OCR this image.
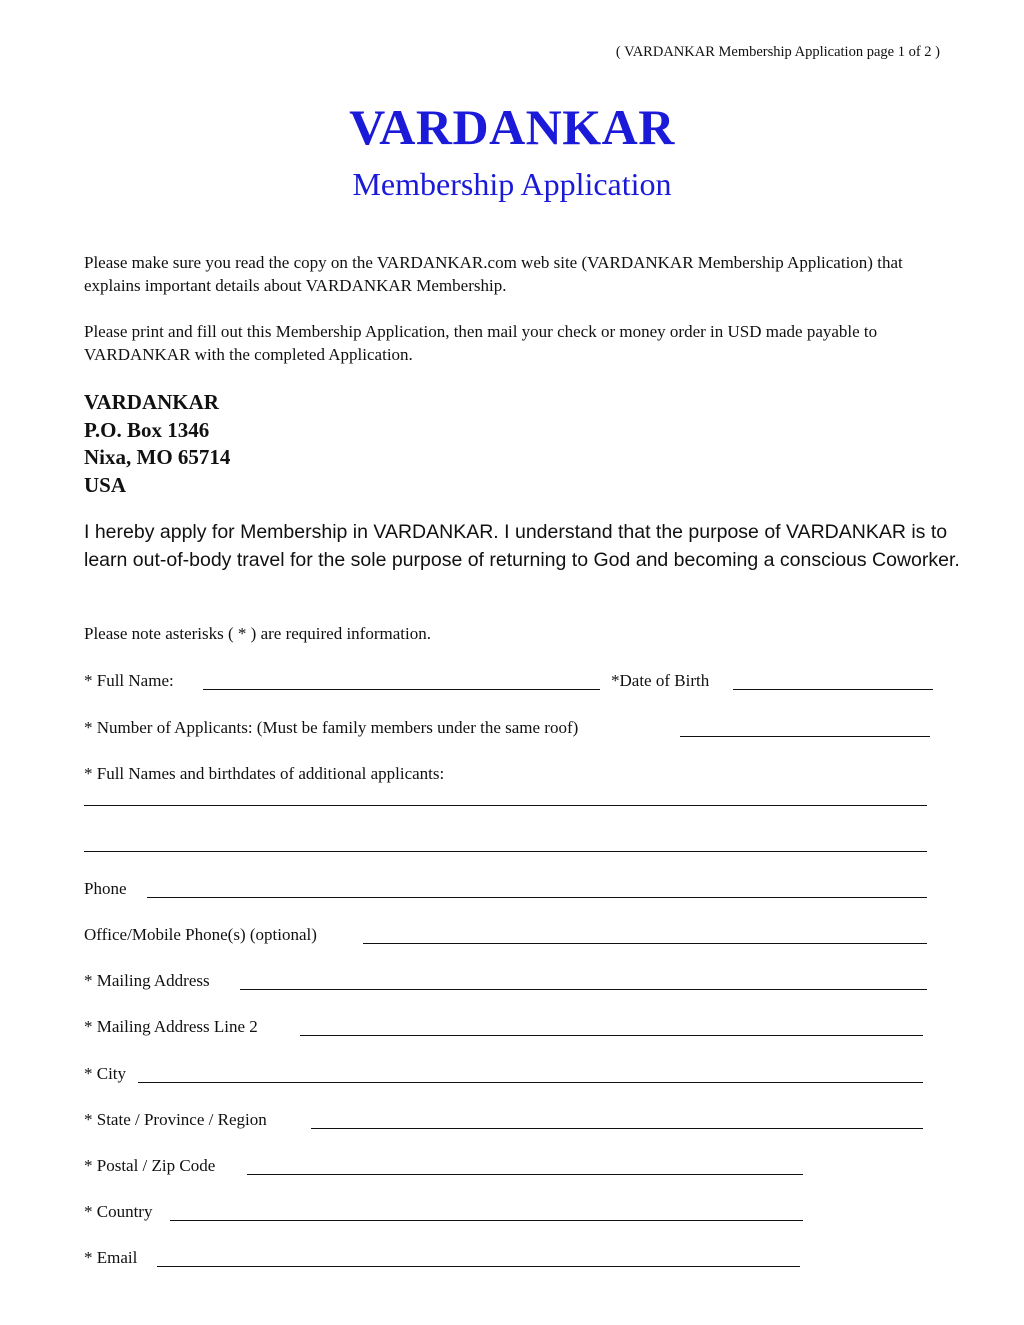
( VARDANKAR Membership Application page 1 of 2 )
VARDANKAR
Membership Application
Please make sure you read the copy on the VARDANKAR.com web site (VARDANKAR Membership Application) that explains important details about VARDANKAR Membership.
Please print and fill out this Membership Application, then mail your check or money order in USD made payable to VARDANKAR with the completed Application.
VARDANKAR
P.O. Box 1346
Nixa, MO 65714
USA
I hereby apply for Membership in VARDANKAR. I understand that the purpose of VARDANKAR is to learn out-of-body travel for the sole purpose of returning to God and becoming a conscious Coworker.
Please note asterisks ( * ) are required information.
* Full Name:	*Date of Birth
* Number of Applicants: (Must be family members under the same roof)
* Full Names and birthdates of additional applicants:
Phone
Office/Mobile Phone(s) (optional)
* Mailing Address
* Mailing Address Line 2
* City
* State / Province / Region
* Postal / Zip Code
* Country
* Email
